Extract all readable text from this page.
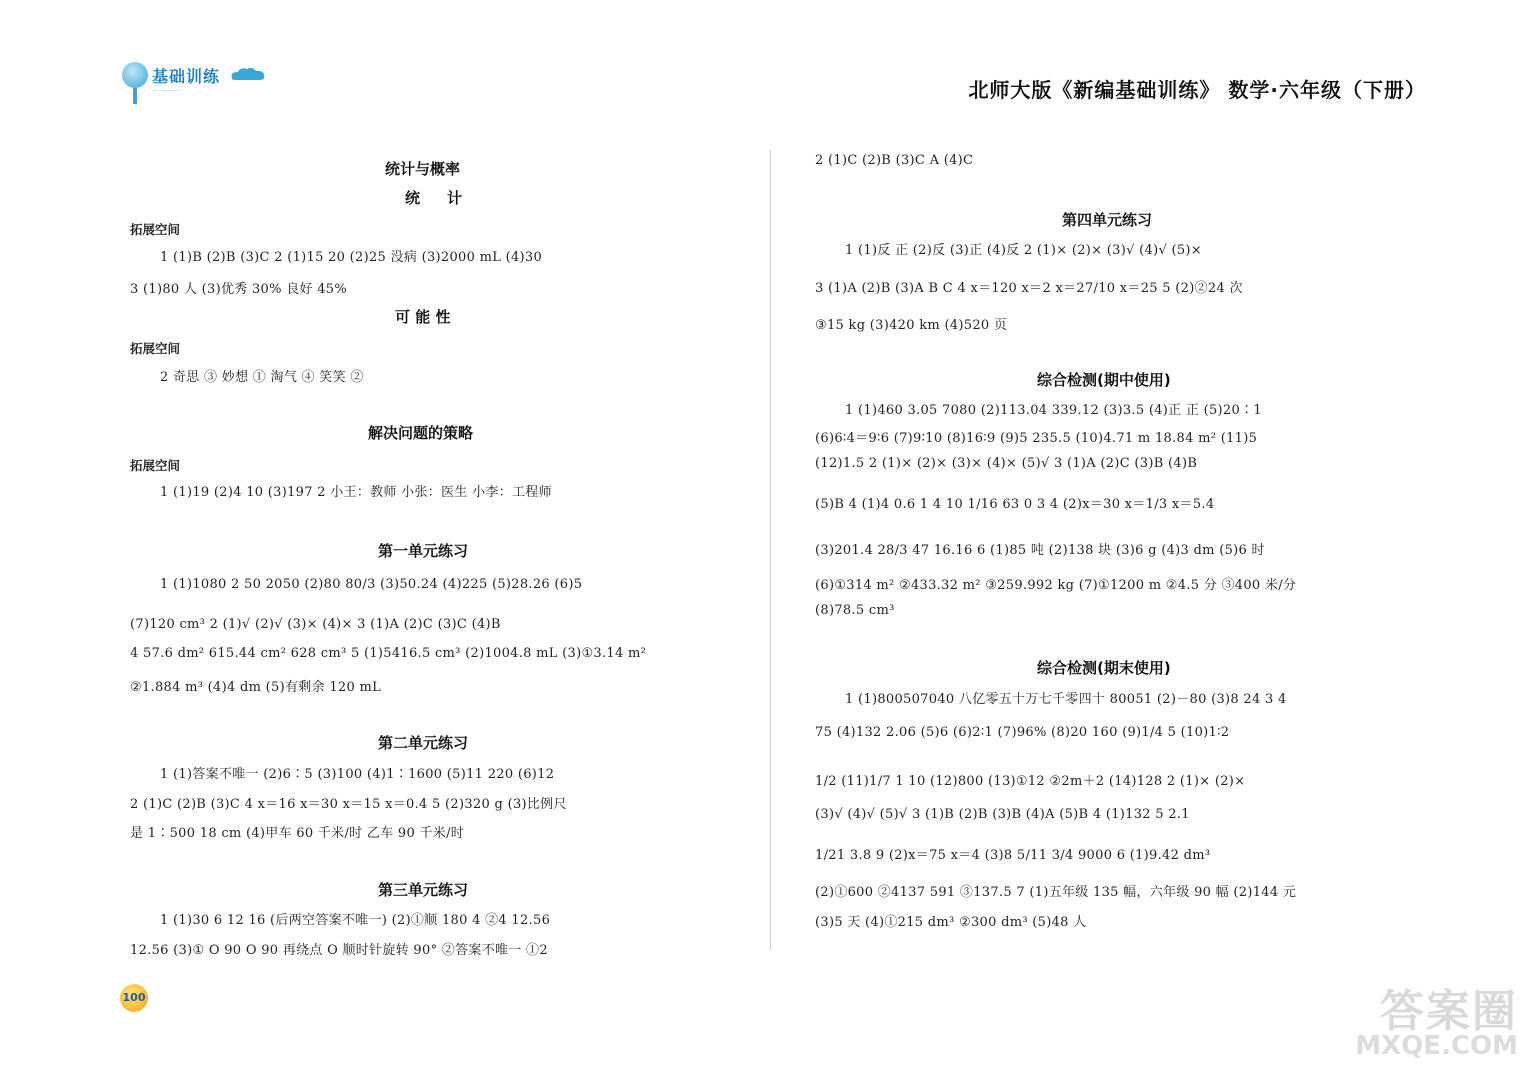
基础训练
...............	北师大版《新编基础训练》 数学·六年级（下册）
统计与概率
统　计
拓展空间
1 (1)B (2)B (3)C 2 (1)15 20 (2)25 没病 (3)2000 mL (4)30
3 (1)80 人 (3)优秀 30% 良好 45%
可 能 性
拓展空间
2 奇思 ③ 妙想 ① 淘气 ④ 笑笑 ②
解决问题的策略
拓展空间
1 (1)19 (2)4 10 (3)197 2 小王：教师 小张：医生 小李：工程师
第一单元练习
1 (1)1080 2 50 2050 (2)80 80/3 (3)50.24 (4)225 (5)28.26 (6)5
(7)120 cm³ 2 (1)√ (2)√ (3)× (4)× 3 (1)A (2)C (3)C (4)B
4 57.6 dm² 615.44 cm² 628 cm³ 5 (1)5416.5 cm³ (2)1004.8 mL (3)①3.14 m²
②1.884 m³ (4)4 dm (5)有剩余 120 mL
第二单元练习
1 (1)答案不唯一 (2)6∶5 (3)100 (4)1∶1600 (5)11 220 (6)12
2 (1)C (2)B (3)C 4 x＝16 x＝30 x＝15 x＝0.4 5 (2)320 g (3)比例尺
是 1∶500 18 cm (4)甲车 60 千米/时 乙车 90 千米/时
第三单元练习
1 (1)30 6 12 16 (后两空答案不唯一) (2)①顺 180 4 ②4 12.56
12.56 (3)① O 90 O 90 再绕点 O 顺时针旋转 90° ②答案不唯一 ①2
100
2 (1)C (2)B (3)C A (4)C
第四单元练习
1 (1)反 正 (2)反 (3)正 (4)反 2 (1)× (2)× (3)√ (4)√ (5)×
3 (1)A (2)B (3)A B C 4 x＝120 x＝2 x＝27/10 x＝25 5 (2)②24 次
③15 kg (3)420 km (4)520 页
综合检测(期中使用)
1 (1)460 3.05 7080 (2)113.04 339.12 (3)3.5 (4)正 正 (5)20∶1
(6)6∶4＝9∶6 (7)9∶10 (8)16∶9 (9)5 235.5 (10)4.71 m 18.84 m² (11)5
(12)1.5 2 (1)× (2)× (3)× (4)× (5)√ 3 (1)A (2)C (3)B (4)B
(5)B 4 (1)4 0.6 1 4 10 1/16 63 0 3 4 (2)x＝30 x＝1/3 x＝5.4
(3)201.4 28/3 47 16.16 6 (1)85 吨 (2)138 块 (3)6 g (4)3 dm (5)6 时
(6)①314 m² ②433.32 m² ③259.992 kg (7)①1200 m ②4.5 分 ③400 米/分
(8)78.5 cm³
综合检测(期末使用)
1 (1)800507040 八亿零五十万七千零四十 80051 (2)－80 (3)8 24 3 4
75 (4)132 2.06 (5)6 (6)2∶1 (7)96% (8)20 160 (9)1/4 5 (10)1∶2
1/2 (11)1/7 1 10 (12)800 (13)①12 ②2m＋2 (14)128 2 (1)× (2)×
(3)√ (4)√ (5)√ 3 (1)B (2)B (3)B (4)A (5)B 4 (1)132 5 2.1
1/21 3.8 9 (2)x＝75 x＝4 (3)8 5/11 3/4 9000 6 (1)9.42 dm³
(2)①600 ②4137 591 ③137.5 7 (1)五年级 135 幅，六年级 90 幅 (2)144 元
(3)5 天 (4)①215 dm³ ②300 dm³ (5)48 人
答案圈
MXQE.COM
